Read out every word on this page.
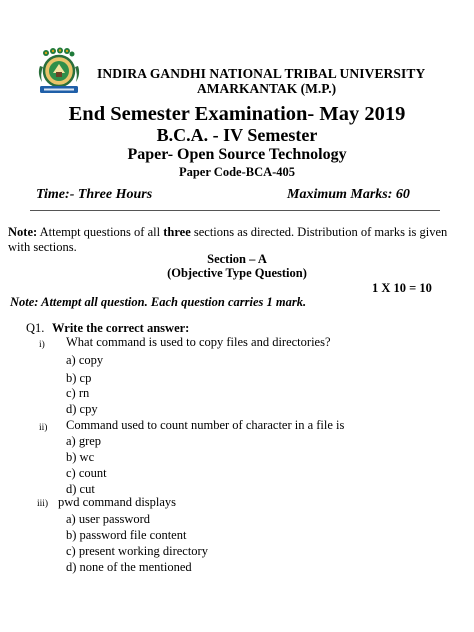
INDIRA GANDHI NATIONAL TRIBAL UNIVERSITY
AMARKANTAK (M.P.)
End Semester Examination- May 2019
B.C.A. - IV Semester
Paper- Open Source Technology
Paper Code-BCA-405
Time:- Three Hours	Maximum Marks: 60
Note: Attempt questions of all three sections as directed. Distribution of marks is given with sections.
Section – A
(Objective Type Question)
1 X 10 = 10
Note: Attempt all question. Each question carries 1 mark.
Q1. Write the correct answer:
i) What command is used to copy files and directories?
a) copy
b) cp
c) rn
d) cpy
ii) Command used to count number of character in a file is
a) grep
b) wc
c) count
d) cut
iii) pwd command displays
a) user password
b) password file content
c) present working directory
d) none of the mentioned
